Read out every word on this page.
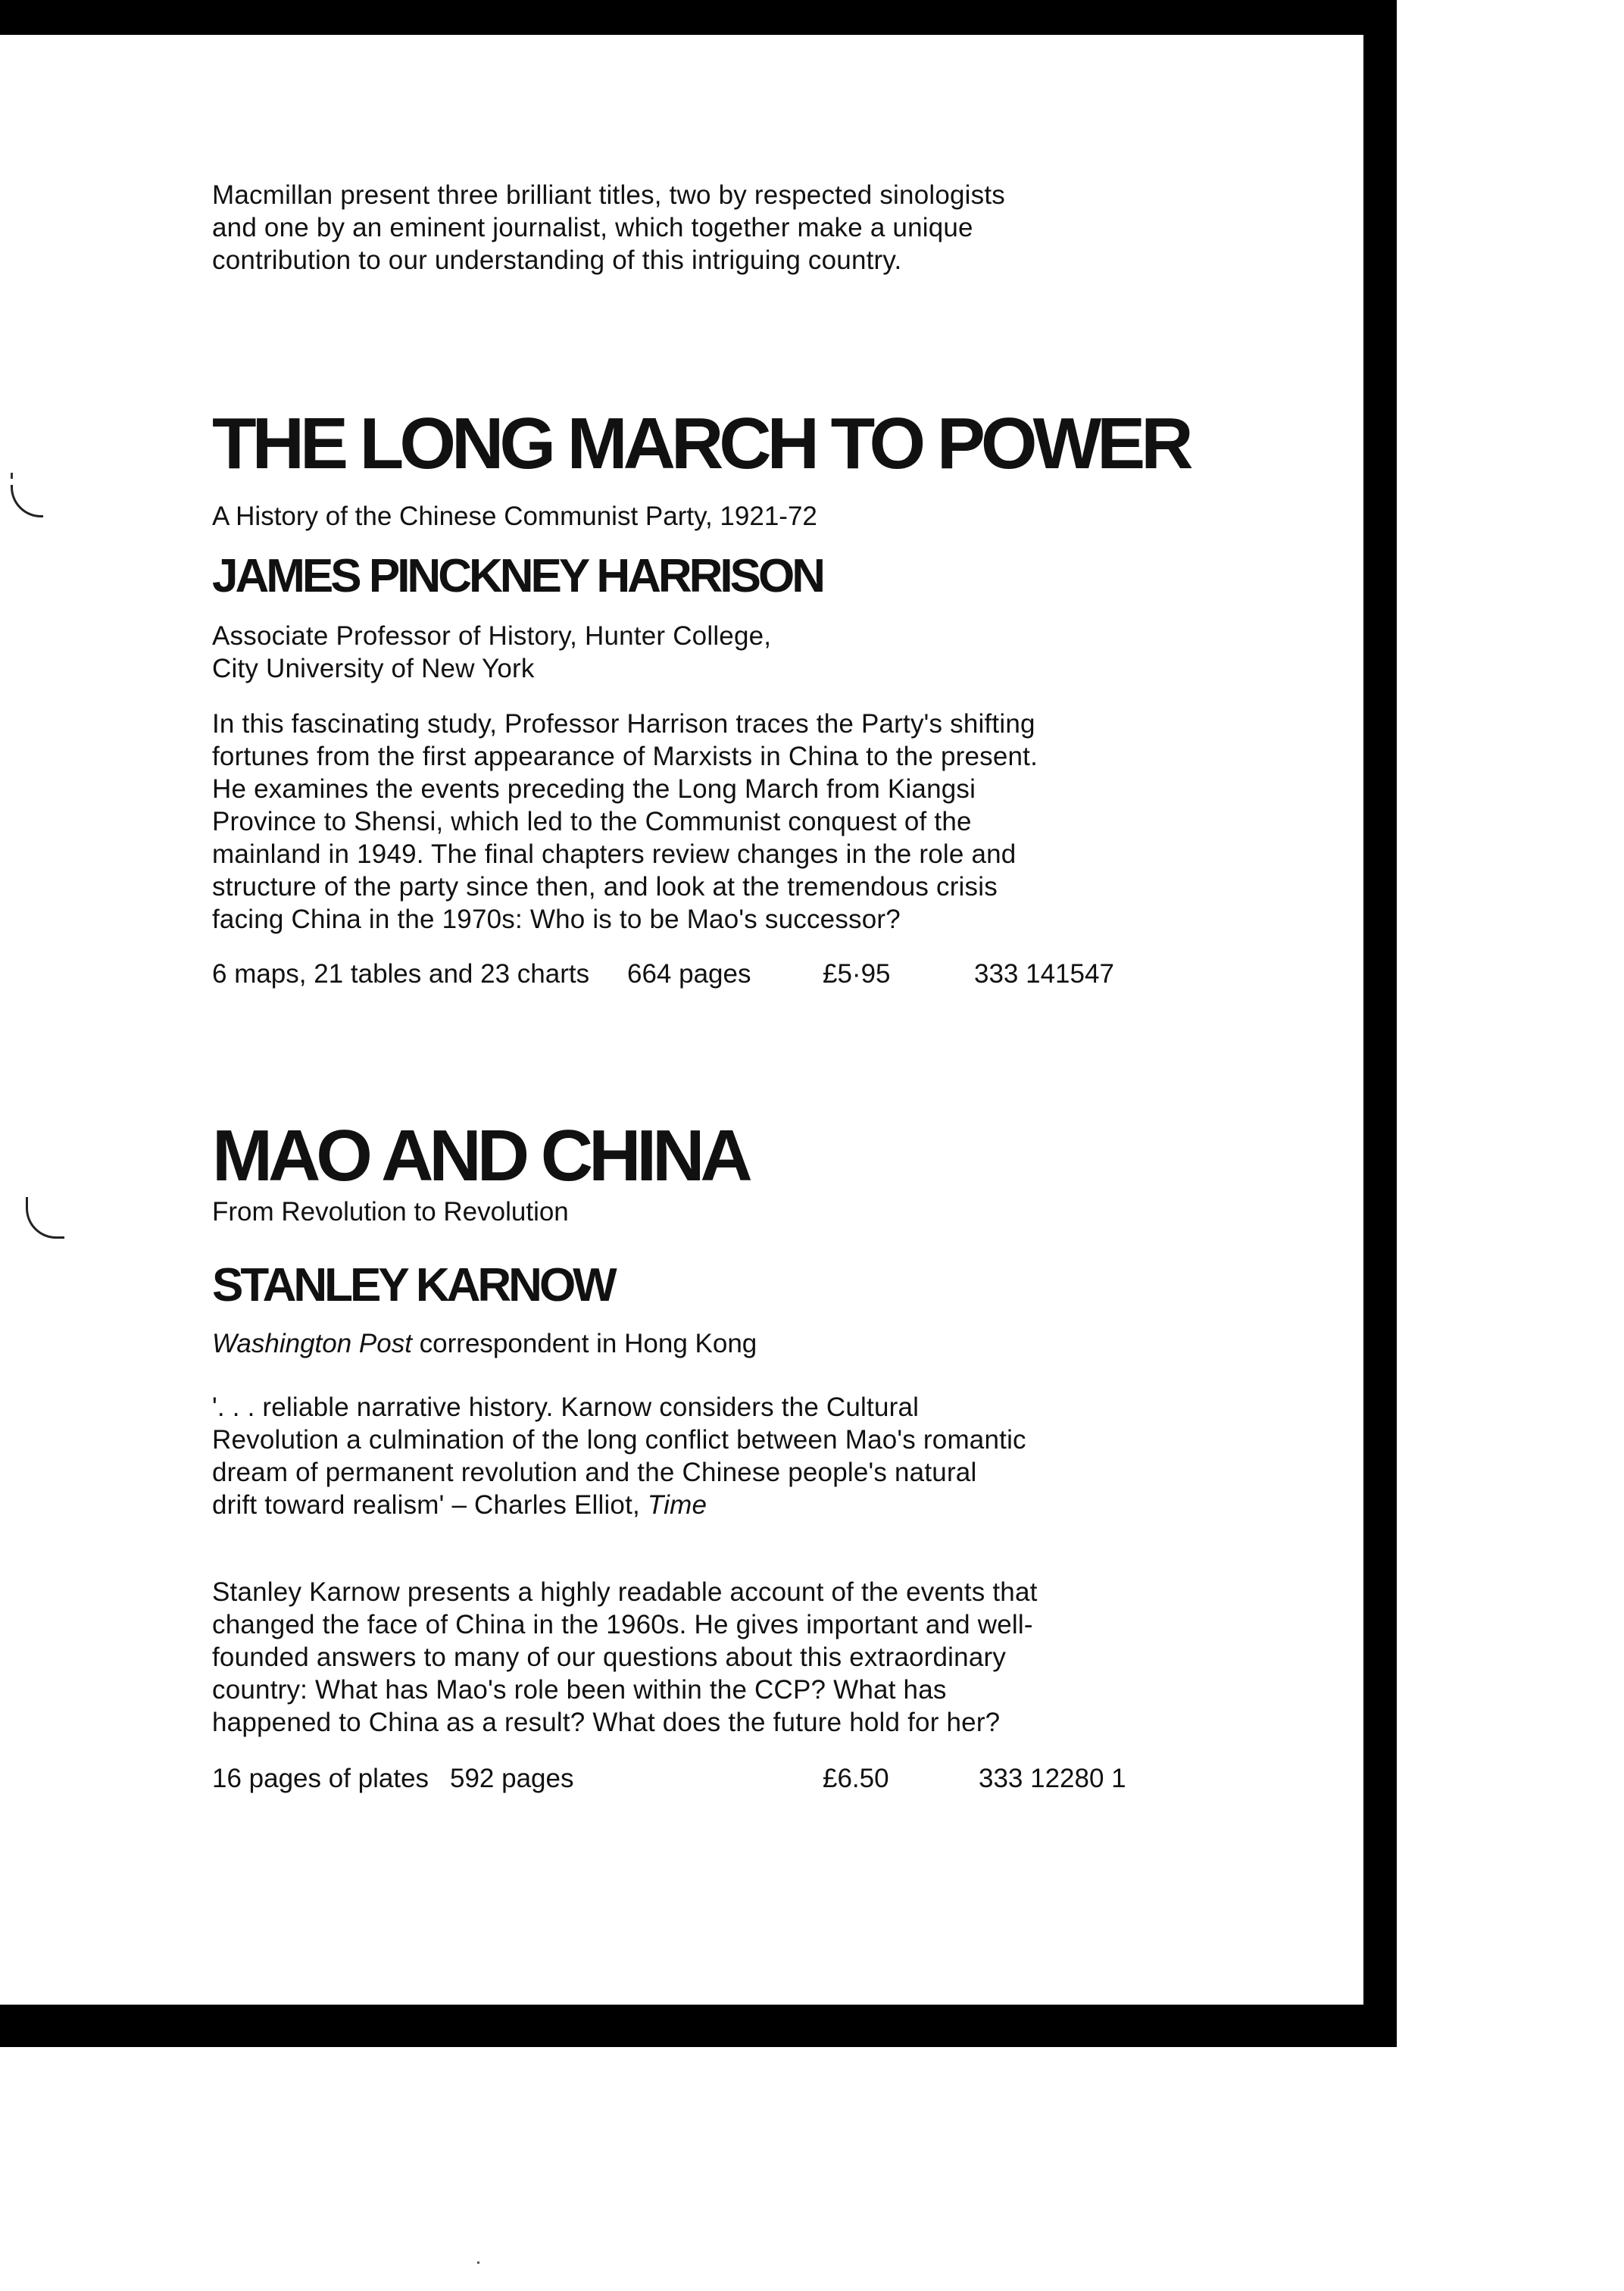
Macmillan present three brilliant titles, two by respected sinologists

and one by an eminent journalist, which together make a unique

contribution to our understanding of this intriguing country.

THE LONG MARCH TO POWER
A History of the Chinese Communist Party, 1921-72
JAMES PINCKNEY HARRISON

Associate Professor of History, Hunter College,

City University of New York

In this fascinating study, Professor Harrison traces the Party's shifting

fortunes from the first appearance of Marxists in China to the present.

He examines the events preceding the Long March from Kiangsi

Province to Shensi, which led to the Communist conquest of the

mainland in 1949. The final chapters review changes in the role and

structure of the party since then, and look at the tremendous crisis

facing China in the 1970s: Who is to be Mao's successor?

6 maps, 21 tables and 23 charts 664 pages	£5·95	333 141547
MAO AND CHINA
From Revolution to Revolution
STANLEY KARNOW
Washington Post correspondent in Hong Kong

'. . . reliable narrative history. Karnow considers the Cultural

Revolution a culmination of the long conflict between Mao's romantic

dream of permanent revolution and the Chinese people's natural

drift toward realism' – Charles Elliot, Time

Stanley Karnow presents a highly readable account of the events that

changed the face of China in the 1960s. He gives important and well-

founded answers to many of our questions about this extraordinary

country: What has Mao's role been within the CCP? What has

happened to China as a result? What does the future hold for her?

16 pages of plates 592 pages	£6.50	333 12280 1
